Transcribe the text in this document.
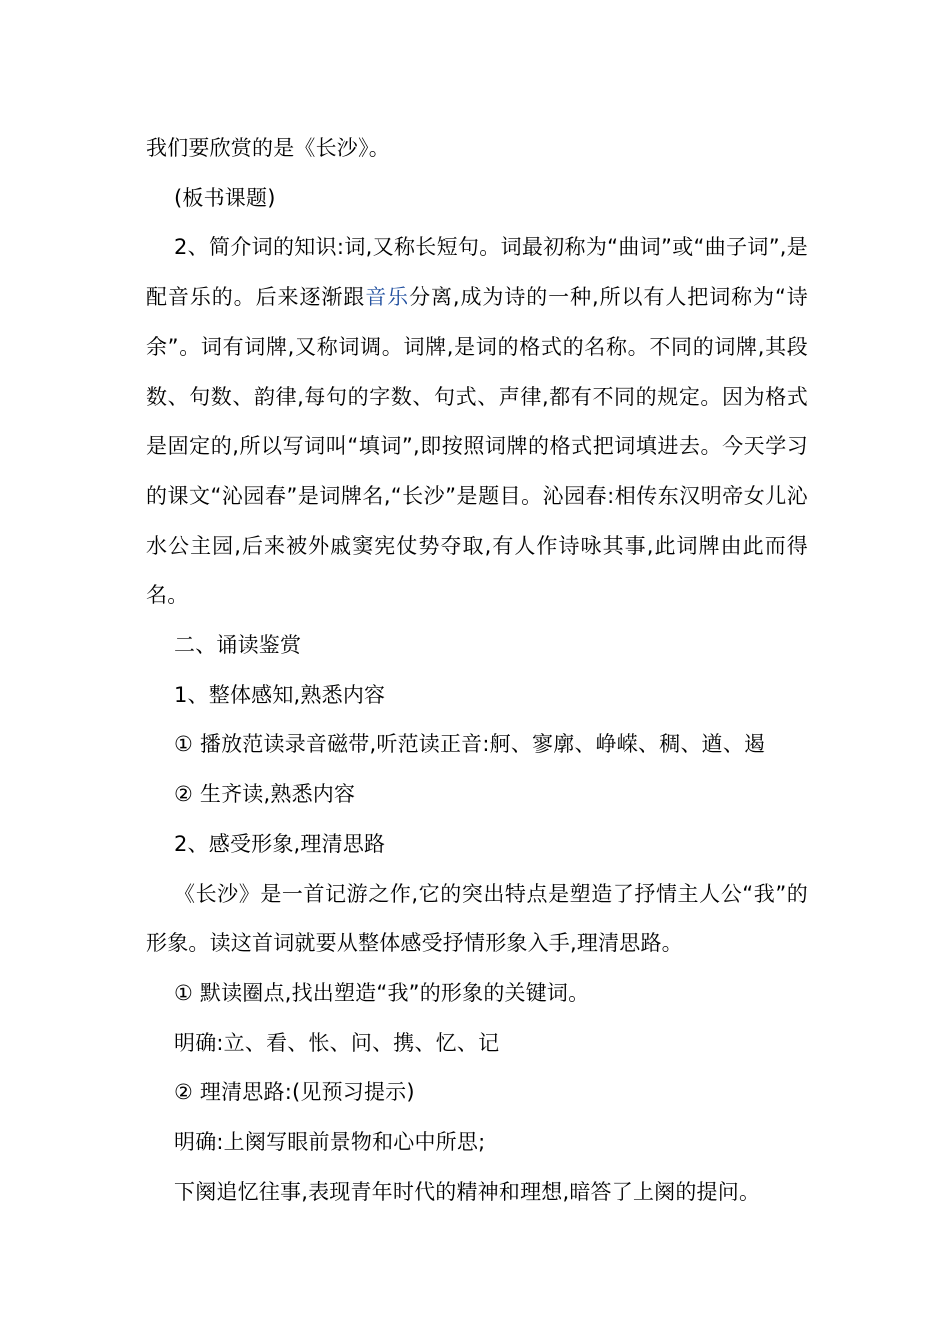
我们要欣赏的是《长沙》。

(板书课题)

2、简介词的知识:词,又称长短句。词最初称为“曲词”或“曲子词”,是配音乐的。后来逐渐跟音乐分离,成为诗的一种,所以有人把词称为“诗余”。词有词牌,又称词调。词牌,是词的格式的名称。不同的词牌,其段数、句数、韵律,每句的字数、句式、声律,都有不同的规定。因为格式是固定的,所以写词叫“填词”,即按照词牌的格式把词填进去。今天学习的课文“沁园春”是词牌名,“长沙”是题目。沁园春:相传东汉明帝女儿沁水公主园,后来被外戚窦宪仗势夺取,有人作诗咏其事,此词牌由此而得名。

二、诵读鉴赏

1、整体感知,熟悉内容

① 播放范读录音磁带,听范读正音:舸、寥廓、峥嵘、稠、遒、遏

② 生齐读,熟悉内容

2、感受形象,理清思路

《长沙》是一首记游之作,它的突出特点是塑造了抒情主人公“我”的形象。读这首词就要从整体感受抒情形象入手,理清思路。

① 默读圈点,找出塑造“我”的形象的关键词。

明确:立、看、怅、问、携、忆、记

② 理清思路:(见预习提示)

明确:上阕写眼前景物和心中所思;

下阕追忆往事,表现青年时代的精神和理想,暗答了上阕的提问。
